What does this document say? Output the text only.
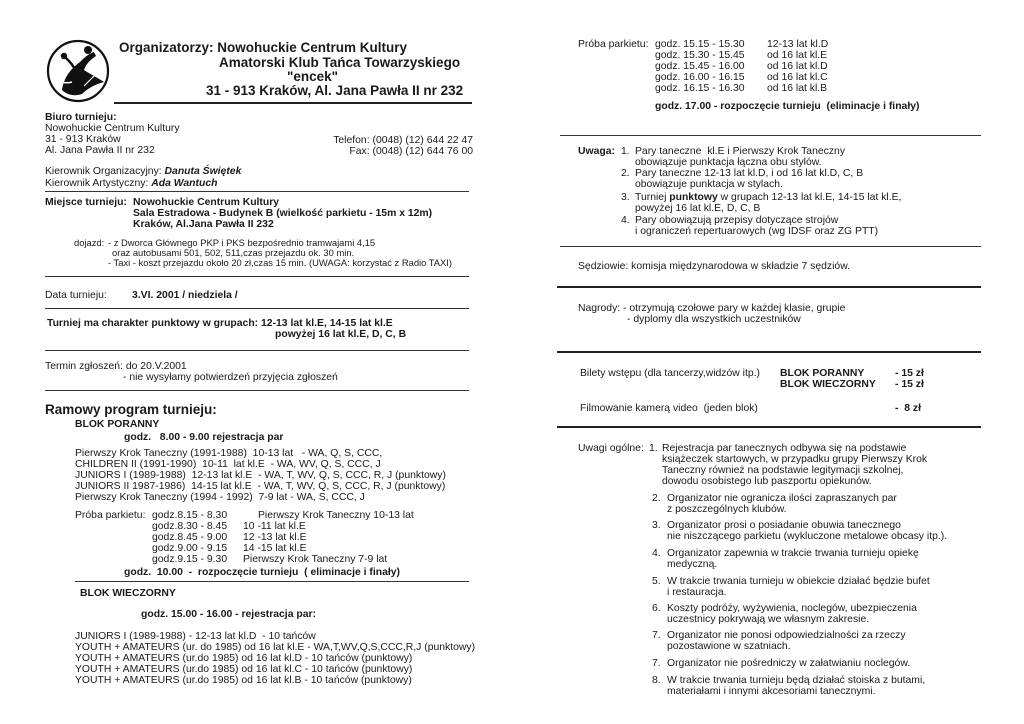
Organizatorzy: Nowohuckie Centrum Kultury
Amatorski Klub Tańca Towarzyskiego
"encek"
31 - 913 Kraków, Al. Jana Pawła II nr 232
Biuro turnieju:
Nowohuckie Centrum Kultury
31 - 913 Kraków
Al. Jana Pawła II nr 232
Telefon: (0048) (12) 644 22 47
Fax: (0048) (12) 644 76 00
Kierownik Organizacyjny: Danuta Świętek
Kierownik Artystyczny: Ada Wantuch
Miejsce turnieju: Nowohuckie Centrum Kultury
Sala Estradowa - Budynek B (wielkość parkietu - 15m x 12m)
Kraków, Al.Jana Pawła II 232
dojazd: - z Dworca Głównego PKP i PKS bezpośrednio tramwajami 4,15
oraz autobusami 501, 502, 511,czas przejazdu ok. 30 min.
- Taxi - koszt przejazdu około 20 zł,czas 15 min. (UWAGA: korzystać z Radio TAXI)
Data turnieju: 3.VI. 2001 / niedziela /
Turniej ma charakter punktowy w grupach: 12-13 lat kl.E, 14-15 lat kl.E
powyżej 16 lat kl.E, D, C, B
Termin zgłoszeń: do 20.V.2001
- nie wysyłamy potwierdzeń przyjęcia zgłoszeń
Ramowy program turnieju:
BLOK PORANNY
godz.   8.00 - 9.00 rejestracja par
Pierwszy Krok Taneczny (1991-1988)  10-13 lat   - WA, Q, S, CCC,
CHILDREN II (1991-1990)  10-11  lat kl.E  - WA, WV, Q, S, CCC, J
JUNIORS I (1989-1988)  12-13 lat kl.E  - WA, T, WV, Q, S, CCC, R, J (punktowy)
JUNIORS II 1987-1986)  14-15 lat kl.E  - WA, T, WV, Q, S, CCC, R, J (punktowy)
Pierwszy Krok Taneczny (1994 - 1992)  7-9 lat - WA, S, CCC, J
Próba parkietu: godz.8.15 - 8.30	Pierwszy Krok Taneczny 10-13 lat
godz.8.30 - 8.45 10 -11 lat kl.E
godz.8.45 - 9.00 12 -13 lat kl.E
godz.9.00 - 9.15 14 -15 lat kl.E
godz.9.15 - 9.30 Pierwszy Krok Taneczny 7-9 lat
godz.  10.00  -  rozpoczęcie turnieju  ( eliminacje i finały)
BLOK WIECZORNY
godz. 15.00 - 16.00 - rejestracja par:
JUNIORS I (1989-1988) - 12-13 lat kl.D  - 10 tańców
YOUTH + AMATEURS (ur. do 1985) od 16 lat kl.E - WA,T,WV,Q,S,CCC,R,J (punktowy)
YOUTH + AMATEURS (ur.do 1985) od 16 lat kl.D - 10 tańców (punktowy)
YOUTH + AMATEURS (ur.do 1985) od 16 lat kl.C - 10 tańców (punktowy)
YOUTH + AMATEURS (ur.do 1985) od 16 lat kl.B - 10 tańców (punktowy)
Próba parkietu: godz. 15.15 - 15.30 12-13 lat kl.D
godz. 15.30 - 15.45 od 16 lat kl.E
godz. 15.45 - 16.00 od 16 lat kl.D
godz. 16.00 - 16.15 od 16 lat kl.C
godz. 16.15 - 16.30 od 16 lat kl.B
godz. 17.00 - rozpoczęcie turnieju  (eliminacje i finały)
Uwaga: 1. Pary taneczne  kl.E i Pierwszy Krok Taneczny
obowiązuje punktacja łączna obu stylów.
2. Pary taneczne 12-13 lat kl.D, i od 16 lat kl.D, C, B
obowiązuje punktacja w stylach.
3. Turniej punktowy w grupach 12-13 lat kl.E, 14-15 lat kl.E,
powyżej 16 lat kl.E, D, C, B
4. Pary obowiązują przepisy dotyczące strojów
i ograniczeń repertuarowych (wg IDSF oraz ZG PTT)
Sędziowie: komisja międzynarodowa w składzie 7 sędziów.
Nagrody: - otrzymują czołowe pary w każdej klasie, grupie
- dyplomy dla wszystkich uczestników
Bilety wstępu (dla tancerzy,widzów itp.) BLOK PORANNY	- 15 zł
BLOK WIECZORNY - 15 zł
Filmowanie kamerą video  (jeden blok)	-  8 zł
Uwagi ogólne: 1. Rejestracja par tanecznych odbywa się na podstawie
książeczek startowych, w przypadku grupy Pierwszy Krok
Taneczny również na podstawie legitymacji szkolnej,
dowodu osobistego lub paszportu opiekunów.
2. Organizator nie ogranicza ilości zapraszanych par
z poszczególnych klubów.
3. Organizator prosi o posiadanie obuwia tanecznego
nie niszczącego parkietu (wykluczone metalowe obcasy itp.).
4. Organizator zapewnia w trakcie trwania turnieju opiekę
medyczną.
5. W trakcie trwania turnieju w obiekcie działać będzie bufet
i restauracja.
6. Koszty podróży, wyżywienia, noclegów, ubezpieczenia
uczestnicy pokrywają we własnym zakresie.
7. Organizator nie ponosi odpowiedzialności za rzeczy
pozostawione w szatniach.
7. Organizator nie pośredniczy w załatwianiu noclegów.
8. W trakcie trwania turnieju będą działać stoiska z butami,
materiałami i innymi akcesoriami tanecznymi.
